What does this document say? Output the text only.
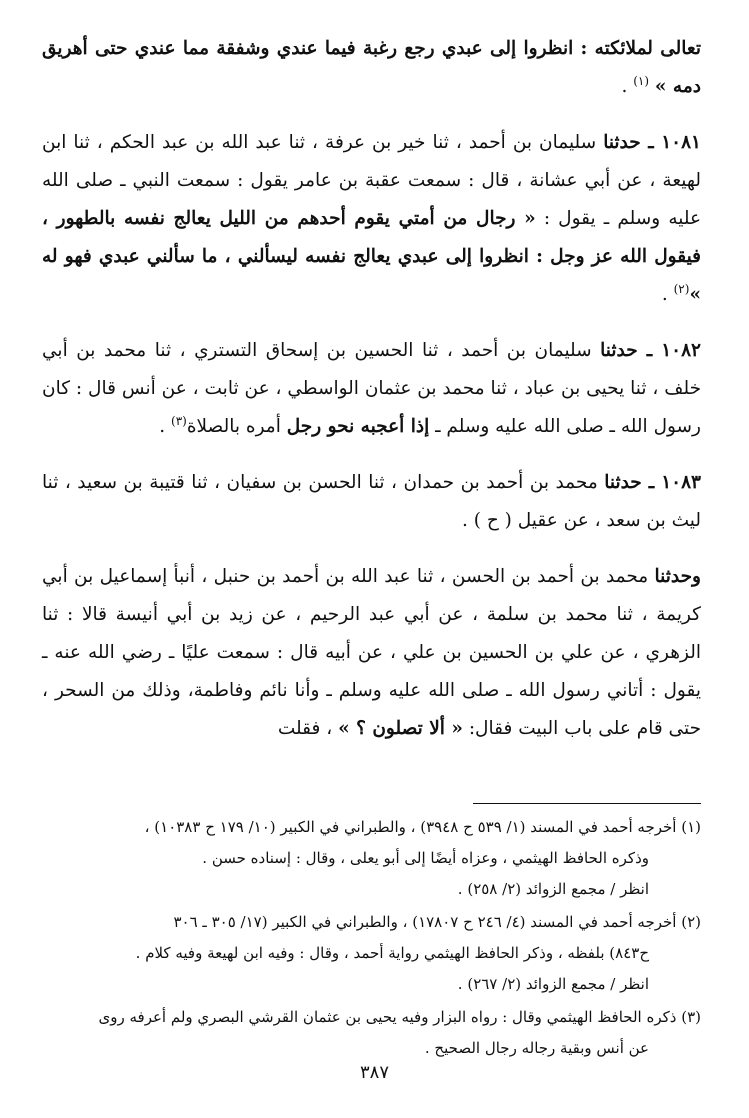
تعالى لملائكته : انظروا إلى عبدي رجع رغبة فيما عندي وشفقة مما عندي حتى أهريق دمه » $^{(١)}$ .

١٠٨١ ـ حدثنا سليمان بن أحمد ، ثنا خير بن عرفة ، ثنا عبد الله بن عبد الحكم ، ثنا ابن لهيعة ، عن أبي عشانة ، قال : سمعت عقبة بن عامر يقول : سمعت النبي ـ صلى الله عليه وسلم ـ يقول : « رجال من أمتي يقوم أحدهم من الليل يعالج نفسه بالطهور ، فيقول الله عز وجل : انظروا إلى عبدي يعالج نفسه ليسألني ، ما سألني عبدي فهو له »$^{(٢)}$ .

١٠٨٢ ـ حدثنا سليمان بن أحمد ، ثنا الحسين بن إسحاق التستري ، ثنا محمد بن أبي خلف ، ثنا يحيى بن عباد ، ثنا محمد بن عثمان الواسطي ، عن ثابت ، عن أنس قال : كان رسول الله ـ صلى الله عليه وسلم ـ إذا أعجبه نحو رجل أمره بالصلاة$^{(٣)}$ .

١٠٨٣ ـ حدثنا محمد بن أحمد بن حمدان ، ثنا الحسن بن سفيان ، ثنا قتيبة بن سعيد ، ثنا ليث بن سعد ، عن عقيل ( ح ) .

وحدثنا محمد بن أحمد بن الحسن ، ثنا عبد الله بن أحمد بن حنبل ، أنبأ إسماعيل بن أبي كريمة ، ثنا محمد بن سلمة ، عن أبي عبد الرحيم ، عن زيد بن أبي أنيسة قالا : ثنا الزهري ، عن علي بن الحسين بن علي ، عن أبيه قال : سمعت عليًا ـ رضي الله عنه ـ يقول : أتاني رسول الله ـ صلى الله عليه وسلم ـ وأنا نائم وفاطمة، وذلك من السحر ، حتى قام على باب البيت فقال: « ألا تصلون ؟ » ، فقلت

(١) أخرجه أحمد في المسند (١/ ٥٣٩ ح ٣٩٤٨) ، والطبراني في الكبير (١٠/ ١٧٩ ح ١٠٣٨٣) ،
وذكره الحافظ الهيثمي ، وعزاه أيضًا إلى أبو يعلى ، وقال : إسناده حسن .
انظر / مجمع الزوائد (٢/ ٢٥٨) .
(٢) أخرجه أحمد في المسند (٤/ ٢٤٦ ح ١٧٨٠٧) ، والطبراني في الكبير (١٧/ ٣٠٥ ـ ٣٠٦
ح٨٤٣) بلفظه ، وذكر الحافظ الهيثمي رواية أحمد ، وقال : وفيه ابن لهيعة وفيه كلام .
انظر / مجمع الزوائد (٢/ ٢٦٧) .
(٣) ذكره الحافظ الهيثمي وقال : رواه البزار وفيه يحيى بن عثمان القرشي البصري ولم أعرفه روى
عن أنس وبقية رجاله رجال الصحيح .
٣٨٧
